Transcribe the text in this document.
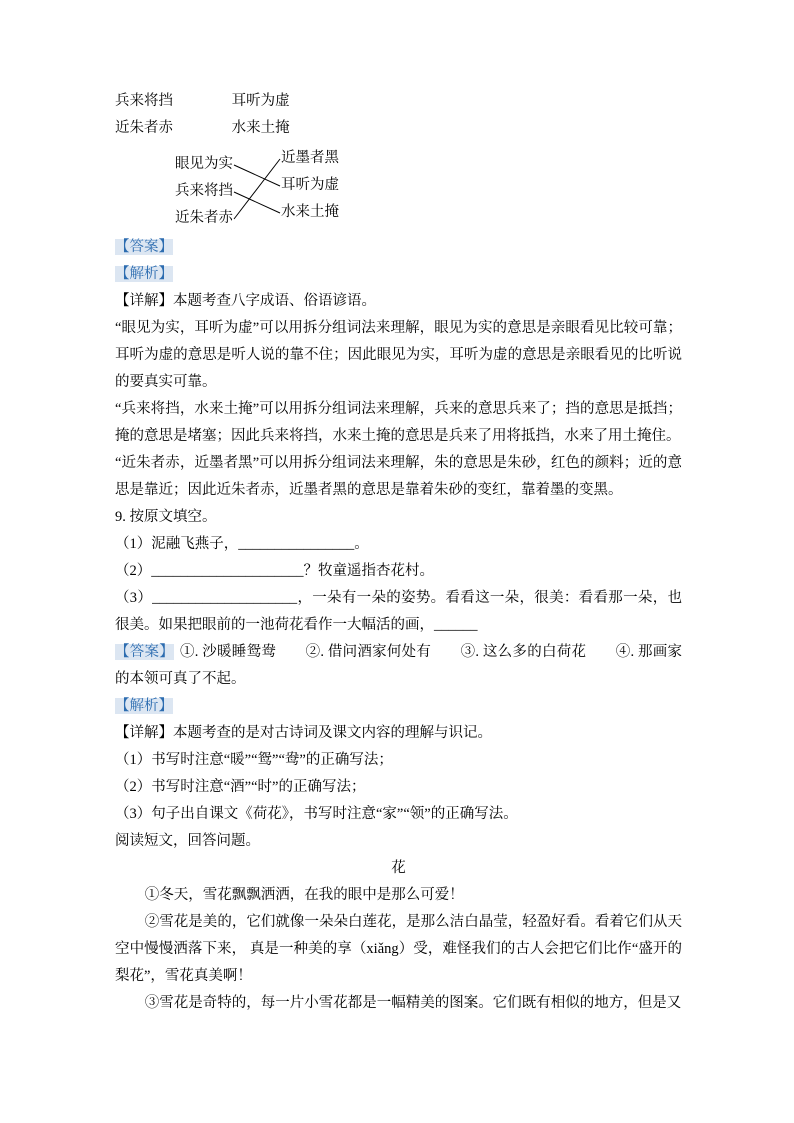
兵来将挡	耳听为虚
近朱者赤	水来土掩
眼见为实
兵来将挡
近朱者赤
近墨者黑
耳听为虚
水来土掩
【答案】
【解析】

【详解】本题考查八字成语、俗语谚语。

“眼见为实，耳听为虚”可以用拆分组词法来理解，眼见为实的意思是亲眼看见比较可靠；耳听为虚的意思是听人说的靠不住；因此眼见为实，耳听为虚的意思是亲眼看见的比听说的要真实可靠。

“兵来将挡，水来土掩”可以用拆分组词法来理解，兵来的意思兵来了；挡的意思是抵挡；掩的意思是堵塞；因此兵来将挡，水来土掩的意思是兵来了用将抵挡，水来了用土掩住。

“近朱者赤，近墨者黑”可以用拆分组词法来理解，朱的意思是朱砂，红色的颜料；近的意思是靠近；因此近朱者赤，近墨者黑的意思是靠着朱砂的变红，靠着墨的变黑。

9. 按原文填空。

（1）泥融飞燕子，________________。

（2）_____________________？牧童遥指杏花村。

（3）____________________，一朵有一朵的姿势。看看这一朵，很美：看看那一朵，也很美。如果把眼前的一池荷花看作一大幅活的画，______

【答案】 ①. 沙暖睡鸳鸯　　②. 借问酒家何处有　　③. 这么多的白荷花　　④. 那画家的本领可真了不起。

【解析】

【详解】本题考查的是对古诗词及课文内容的理解与识记。

（1）书写时注意“暖”“鸳”“鸯”的正确写法；

（2）书写时注意“酒”“时”的正确写法；

（3）句子出自课文《荷花》，书写时注意“家”“领”的正确写法。

阅读短文，回答问题。

花

①冬天，雪花飘飘洒洒，在我的眼中是那么可爱！

②雪花是美的，它们就像一朵朵白莲花，是那么洁白晶莹，轻盈好看。看着它们从天空中慢慢洒落下来， 真是一种美的享（xiǎng）受，难怪我们的古人会把它们比作“盛开的梨花”，雪花真美啊！

③雪花是奇特的，每一片小雪花都是一幅精美的图案。它们既有相似的地方，但是又
